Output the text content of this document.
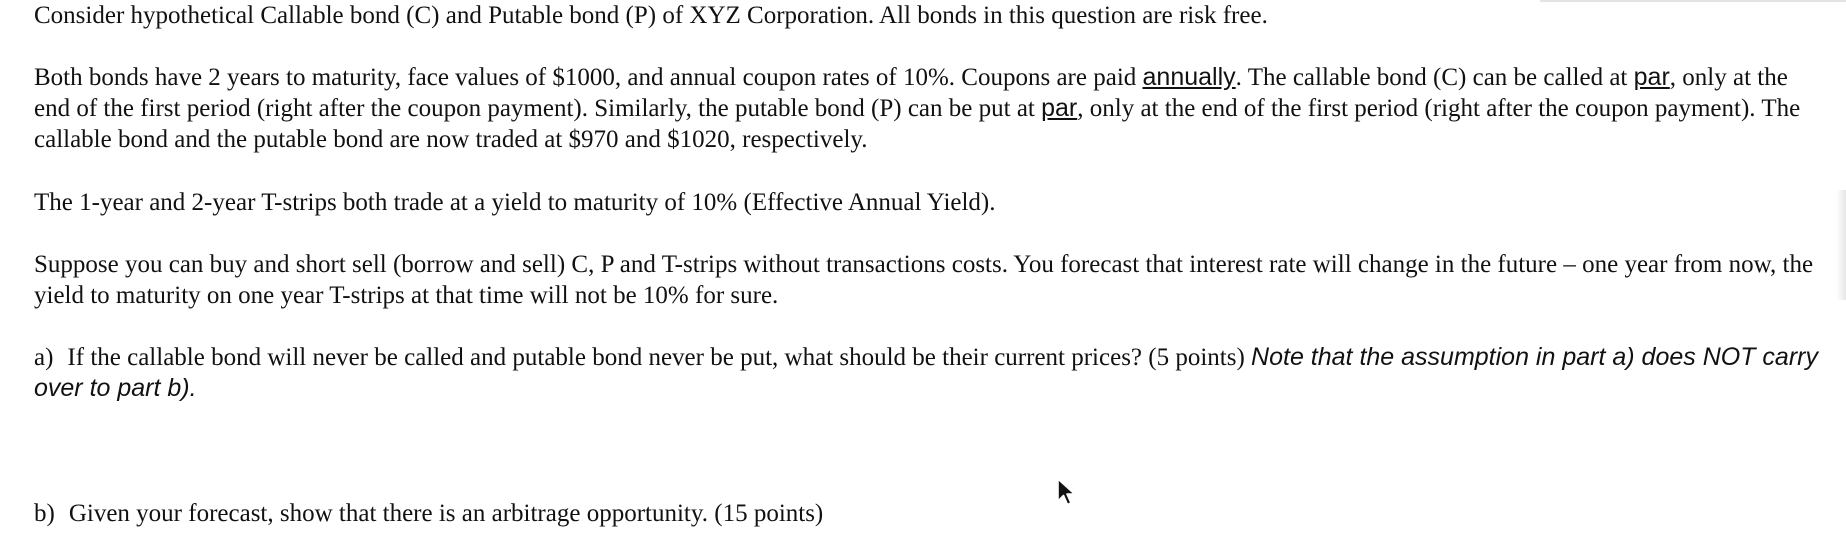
Consider hypothetical Callable bond (C) and Putable bond (P) of XYZ Corporation. All bonds in this question are risk free.

Both bonds have 2 years to maturity, face values of $1000, and annual coupon rates of 10%. Coupons are paid annually. The callable bond (C) can be called at par, only at the end of the first period (right after the coupon payment). Similarly, the putable bond (P) can be put at par, only at the end of the first period (right after the coupon payment). The callable bond and the putable bond are now traded at $970 and $1020, respectively.

The 1-year and 2-year T-strips both trade at a yield to maturity of 10% (Effective Annual Yield).

Suppose you can buy and short sell (borrow and sell) C, P and T-strips without transactions costs. You forecast that interest rate will change in the future – one year from now, the yield to maturity on one year T-strips at that time will not be 10% for sure.

a) If the callable bond will never be called and putable bond never be put, what should be their current prices? (5 points) Note that the assumption in part a) does NOT carry over to part b).

b) Given your forecast, show that there is an arbitrage opportunity. (15 points)
